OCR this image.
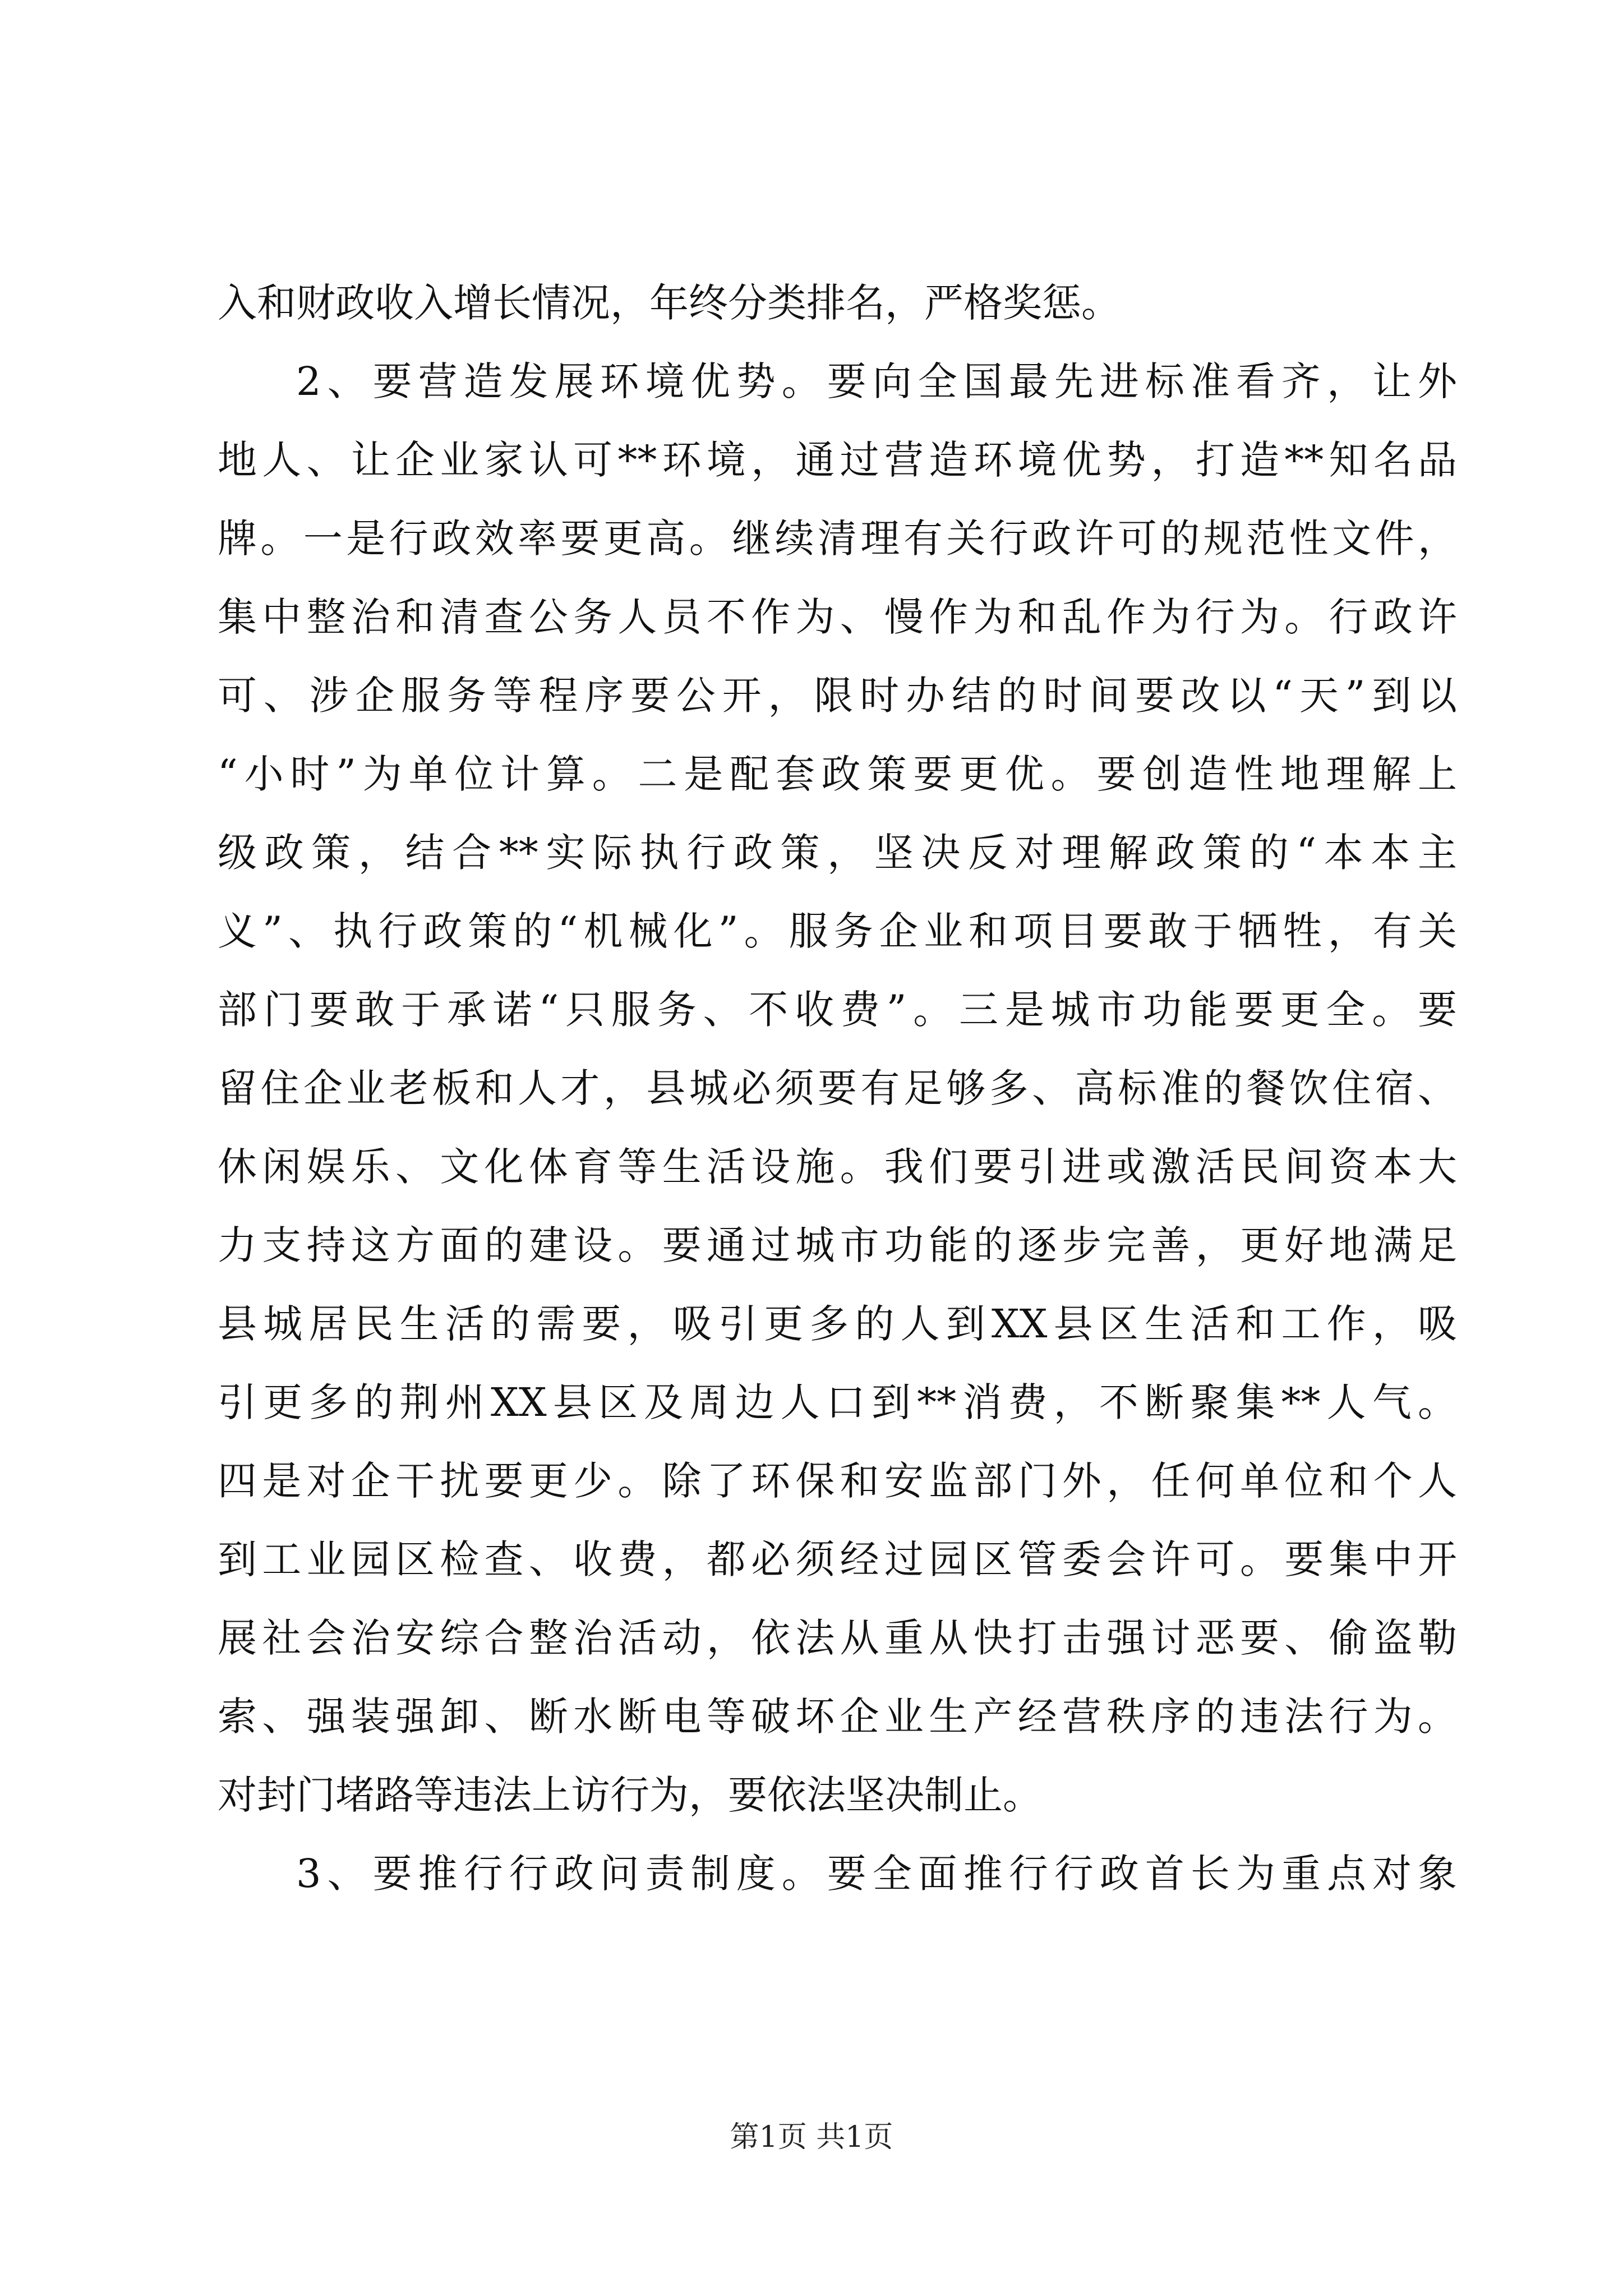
入和财政收入增长情况，年终分类排名，严格奖惩。
2、要营造发展环境优势。要向全国最先进标准看齐，让外
地人、让企业家认可**环境，通过营造环境优势，打造**知名品
牌。一是行政效率要更高。继续清理有关行政许可的规范性文件，
集中整治和清查公务人员不作为、慢作为和乱作为行为。行政许
可、涉企服务等程序要公开，限时办结的时间要改以“天”到以
“小时”为单位计算。二是配套政策要更优。要创造性地理解上
级政策，结合**实际执行政策，坚决反对理解政策的“本本主
义”、执行政策的“机械化”。服务企业和项目要敢于牺牲，有关
部门要敢于承诺“只服务、不收费”。三是城市功能要更全。要
留住企业老板和人才，县城必须要有足够多、高标准的餐饮住宿、
休闲娱乐、文化体育等生活设施。我们要引进或激活民间资本大
力支持这方面的建设。要通过城市功能的逐步完善，更好地满足
县城居民生活的需要，吸引更多的人到XX县区生活和工作，吸
引更多的荆州XX县区及周边人口到**消费，不断聚集**人气。
四是对企干扰要更少。除了环保和安监部门外，任何单位和个人
到工业园区检查、收费，都必须经过园区管委会许可。要集中开
展社会治安综合整治活动，依法从重从快打击强讨恶要、偷盗勒
索、强装强卸、断水断电等破坏企业生产经营秩序的违法行为。
对封门堵路等违法上访行为，要依法坚决制止。
3、要推行行政问责制度。要全面推行行政首长为重点对象
第1页 共1页
